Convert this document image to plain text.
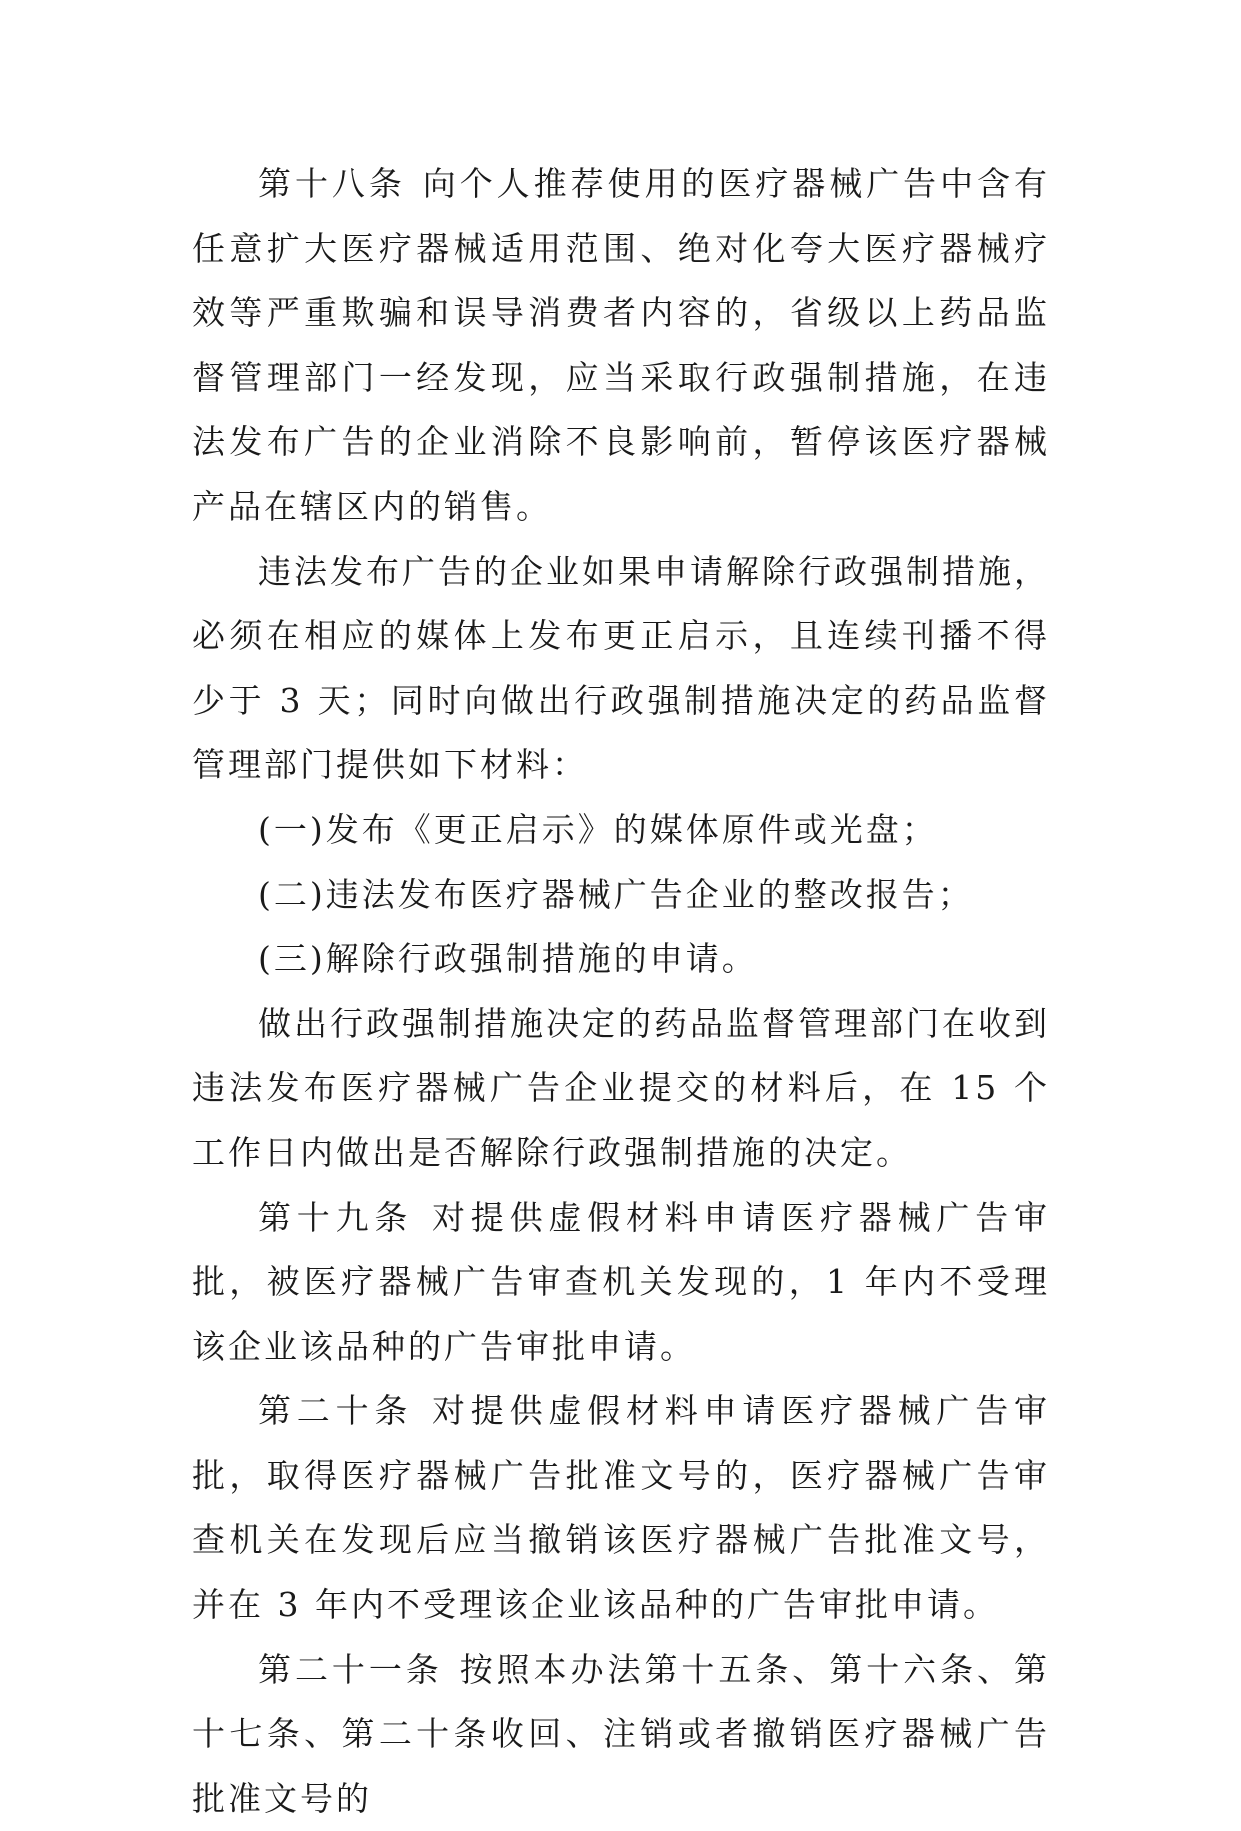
第十八条 向个人推荐使用的医疗器械广告中含有任意扩大医疗器械适用范围、绝对化夸大医疗器械疗效等严重欺骗和误导消费者内容的，省级以上药品监督管理部门一经发现，应当采取行政强制措施，在违法发布广告的企业消除不良影响前，暂停该医疗器械产品在辖区内的销售。

违法发布广告的企业如果申请解除行政强制措施，必须在相应的媒体上发布更正启示，且连续刊播不得少于 3 天；同时向做出行政强制措施决定的药品监督管理部门提供如下材料：

(一)发布《更正启示》的媒体原件或光盘；

(二)违法发布医疗器械广告企业的整改报告；

(三)解除行政强制措施的申请。

做出行政强制措施决定的药品监督管理部门在收到违法发布医疗器械广告企业提交的材料后，在 15 个工作日内做出是否解除行政强制措施的决定。

第十九条 对提供虚假材料申请医疗器械广告审批，被医疗器械广告审查机关发现的，1 年内不受理该企业该品种的广告审批申请。

第二十条 对提供虚假材料申请医疗器械广告审批，取得医疗器械广告批准文号的，医疗器械广告审查机关在发现后应当撤销该医疗器械广告批准文号，并在 3 年内不受理该企业该品种的广告审批申请。

第二十一条 按照本办法第十五条、第十六条、第十七条、第二十条收回、注销或者撤销医疗器械广告批准文号的
